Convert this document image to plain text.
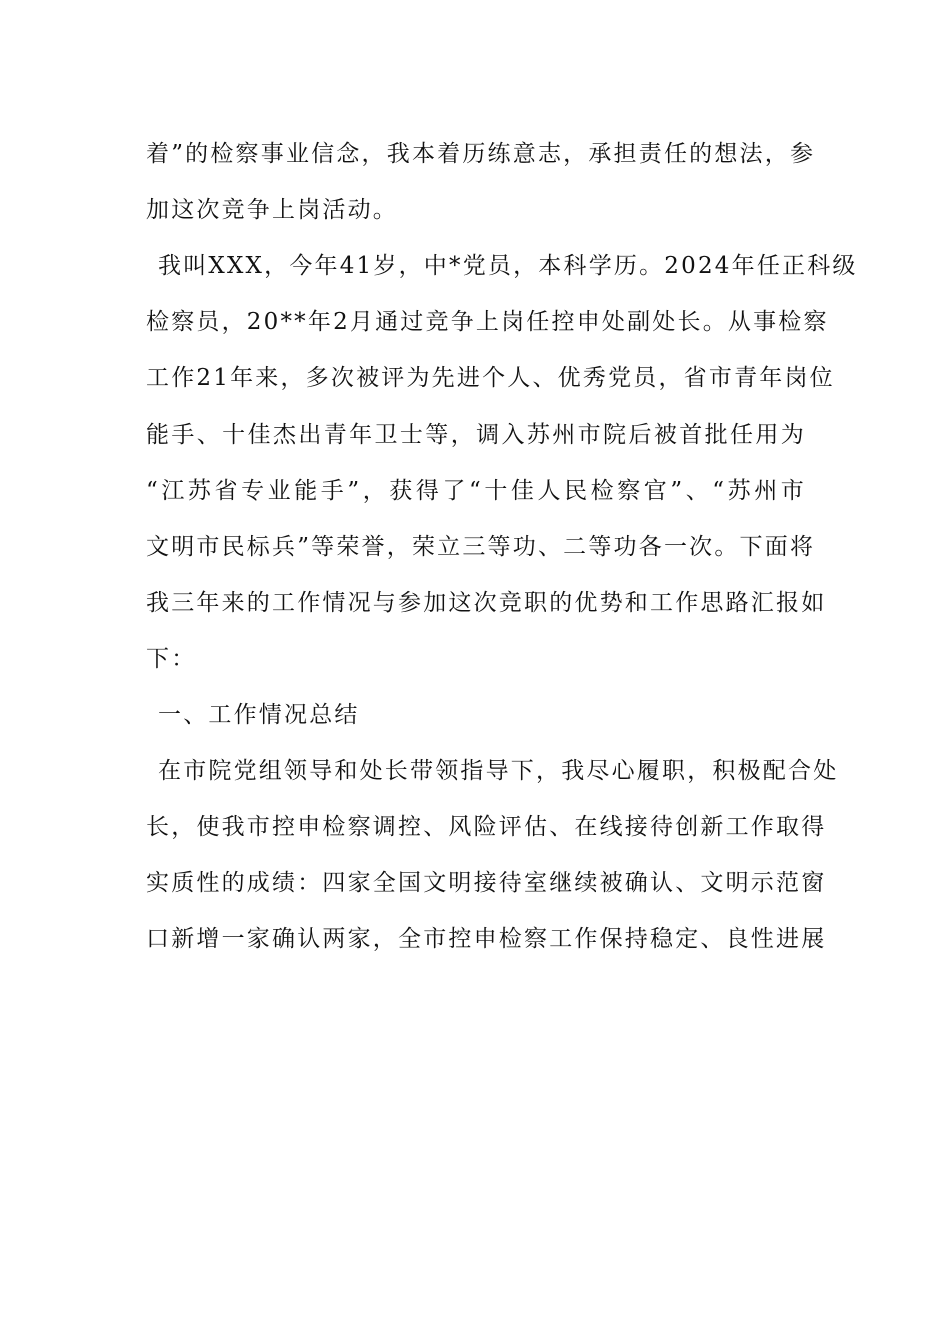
着”的检察事业信念，我本着历练意志，承担责任的想法，参
加这次竞争上岗活动。
我叫XXX，今年41岁，中*党员，本科学历。2024年任正科级
检察员，20**年2月通过竞争上岗任控申处副处长。从事检察
工作21年来，多次被评为先进个人、优秀党员，省市青年岗位
能手、十佳杰出青年卫士等，调入苏州市院后被首批任用为
“江苏省专业能手”，获得了“十佳人民检察官”、“苏州市
文明市民标兵”等荣誉，荣立三等功、二等功各一次。下面将
我三年来的工作情况与参加这次竞职的优势和工作思路汇报如
下：
一、工作情况总结
在市院党组领导和处长带领指导下，我尽心履职，积极配合处
长，使我市控申检察调控、风险评估、在线接待创新工作取得
实质性的成绩：四家全国文明接待室继续被确认、文明示范窗
口新增一家确认两家，全市控申检察工作保持稳定、良性进展
